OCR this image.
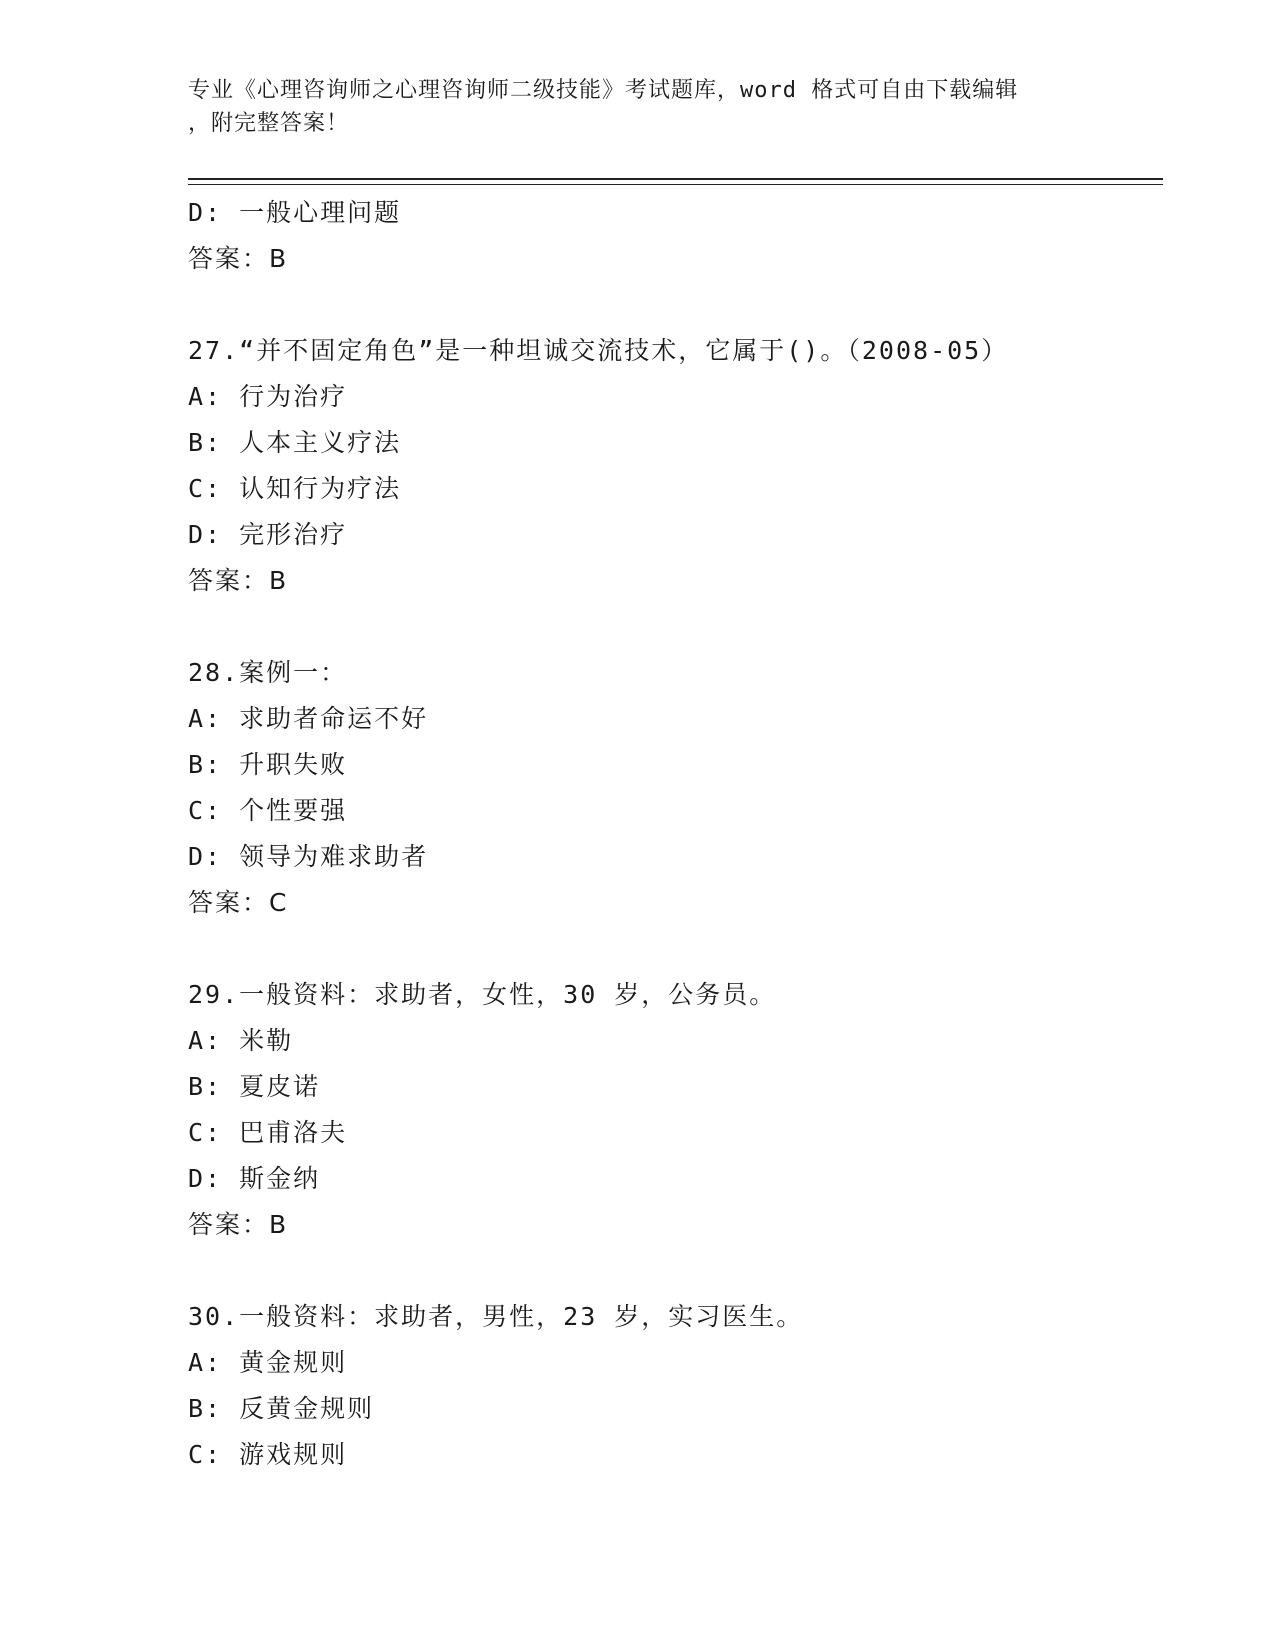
专业《心理咨询师之心理咨询师二级技能》考试题库，word 格式可自由下载编辑
，附完整答案！
D: 一般心理问题
答案：B
27.“并不固定角色”是一种坦诚交流技术，它属于()。（2008-05）
A: 行为治疗
B: 人本主义疗法
C: 认知行为疗法
D: 完形治疗
答案：B
28.案例一：
A: 求助者命运不好
B: 升职失败
C: 个性要强
D: 领导为难求助者
答案：C
29.一般资料：求助者，女性，30 岁，公务员。
A: 米勒
B: 夏皮诺
C: 巴甫洛夫
D: 斯金纳
答案：B
30.一般资料：求助者，男性，23 岁，实习医生。
A: 黄金规则
B: 反黄金规则
C: 游戏规则
